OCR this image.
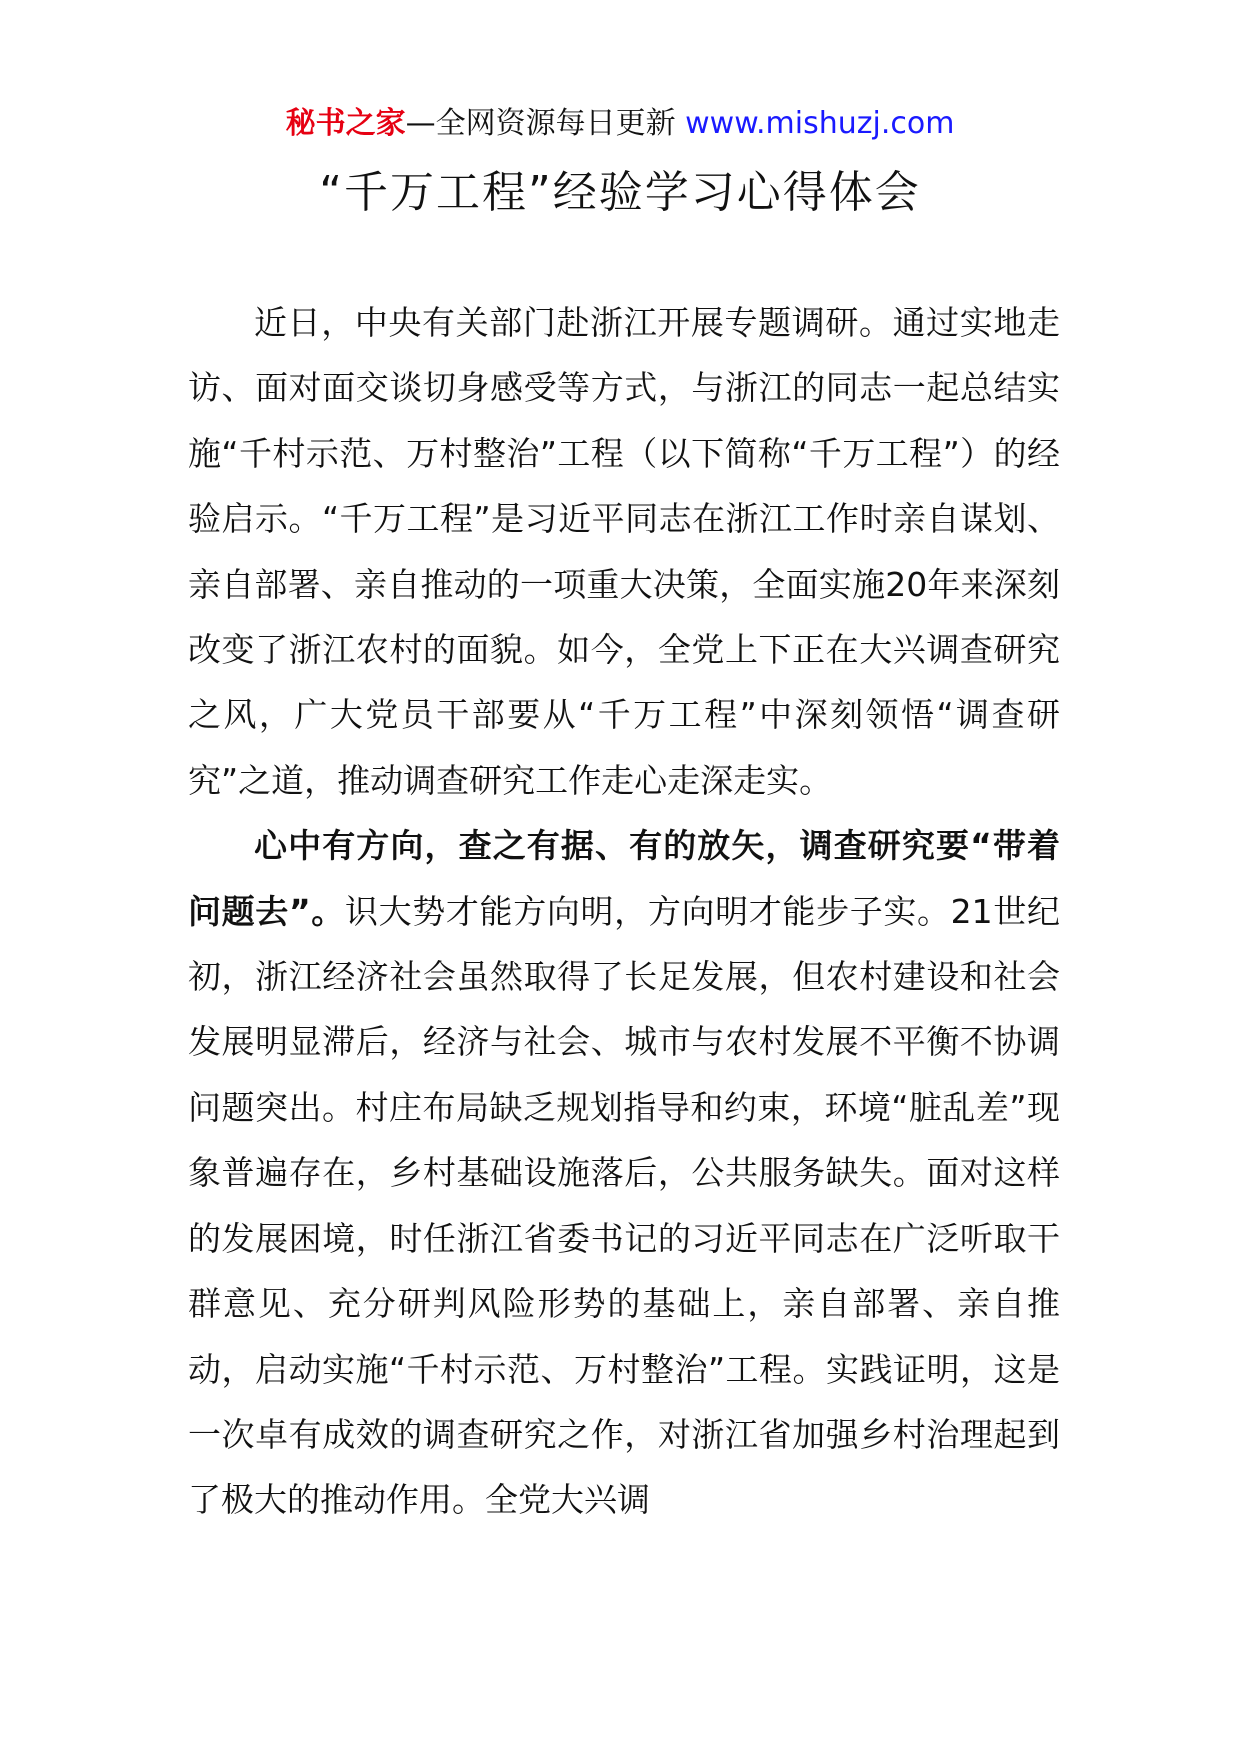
秘书之家—全网资源每日更新 www.mishuzj.com
“千万工程”经验学习心得体会

近日，中央有关部门赴浙江开展专题调研。通过实地走访、面对面交谈切身感受等方式，与浙江的同志一起总结实施“千村示范、万村整治”工程（以下简称“千万工程”）的经验启示。“千万工程”是习近平同志在浙江工作时亲自谋划、亲自部署、亲自推动的一项重大决策，全面实施20年来深刻改变了浙江农村的面貌。如今，全党上下正在大兴调查研究之风，广大党员干部要从“千万工程”中深刻领悟“调查研究”之道，推动调查研究工作走心走深走实。

心中有方向，查之有据、有的放矢，调查研究要“带着问题去”。识大势才能方向明，方向明才能步子实。21世纪初，浙江经济社会虽然取得了长足发展，但农村建设和社会发展明显滞后，经济与社会、城市与农村发展不平衡不协调问题突出。村庄布局缺乏规划指导和约束，环境“脏乱差”现象普遍存在，乡村基础设施落后，公共服务缺失。面对这样的发展困境，时任浙江省委书记的习近平同志在广泛听取干群意见、充分研判风险形势的基础上，亲自部署、亲自推动，启动实施“千村示范、万村整治”工程。实践证明，这是一次卓有成效的调查研究之作，对浙江省加强乡村治理起到了极大的推动作用。全党大兴调
